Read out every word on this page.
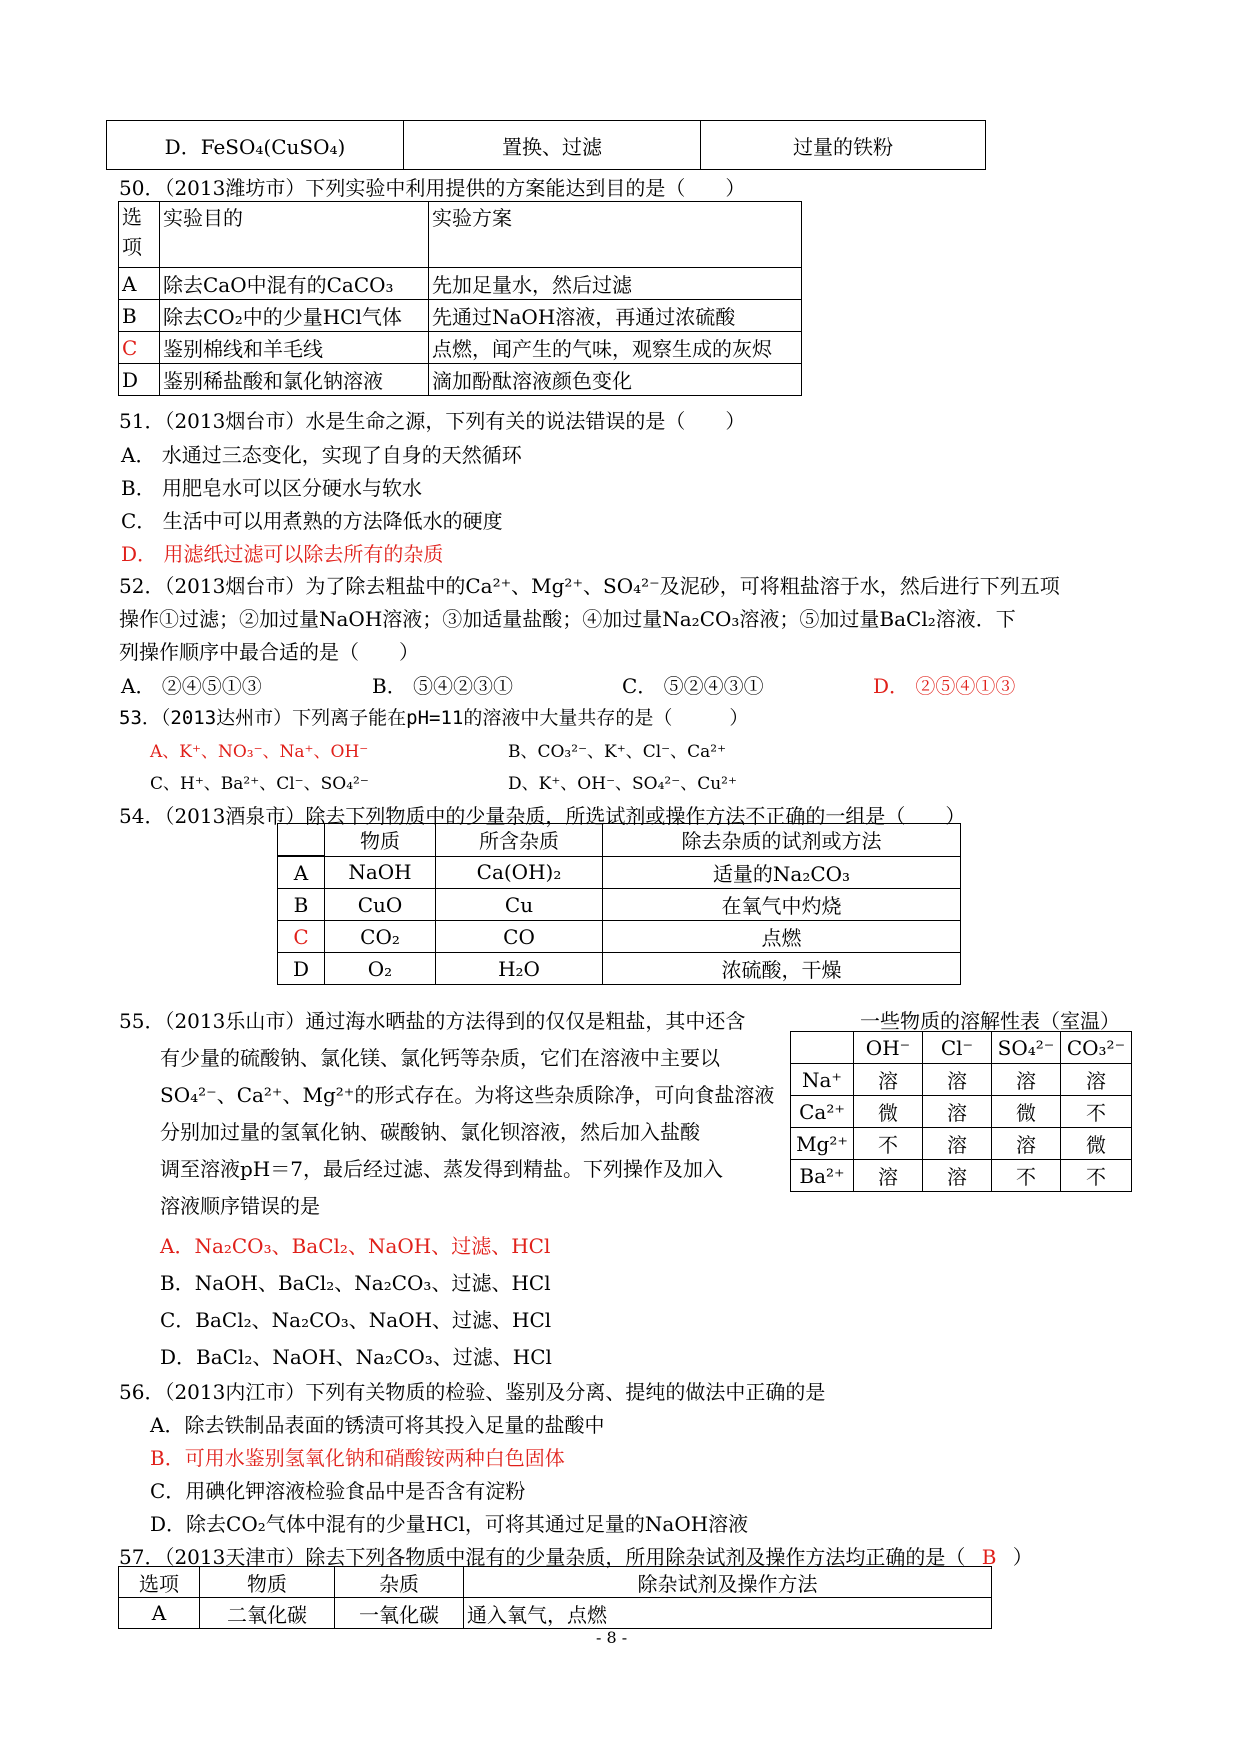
D．FeSO₄(CuSO₄)	置换、过滤	过量的铁粉
50．（2013潍坊市）下列实验中利用提供的方案能达到目的是（　　）
选项	实验目的	实验方案
A	除去CaO中混有的CaCO₃	先加足量水，然后过滤
B	除去CO₂中的少量HCl气体	先通过NaOH溶液，再通过浓硫酸
C	鉴别棉线和羊毛线	点燃，闻产生的气味，观察生成的灰烬
D	鉴别稀盐酸和氯化钠溶液	滴加酚酞溶液颜色变化
51．（2013烟台市）水是生命之源，下列有关的说法错误的是（　　）
A． 水通过三态变化，实现了自身的天然循环
B． 用肥皂水可以区分硬水与软水
C． 生活中可以用煮熟的方法降低水的硬度
D． 用滤纸过滤可以除去所有的杂质
52．（2013烟台市）为了除去粗盐中的Ca²⁺、Mg²⁺、SO₄²⁻及泥砂，可将粗盐溶于水，然后进行下列五项
操作①过滤；②加过量NaOH溶液；③加适量盐酸；④加过量Na₂CO₃溶液；⑤加过量BaCl₂溶液．下
列操作顺序中最合适的是（　　）
A． ②④⑤①③	B． ⑤④②③①	C． ⑤②④③①	D． ②⑤④①③
53．（2013达州市）下列离子能在pH=11的溶液中大量共存的是（　　　）
A、K⁺、NO₃⁻、Na⁺、OH⁻	B、CO₃²⁻、K⁺、Cl⁻、Ca²⁺
C、H⁺、Ba²⁺、Cl⁻、SO₄²⁻	D、K⁺、OH⁻、SO₄²⁻、Cu²⁺
54．（2013酒泉市）除去下列物质中的少量杂质，所选试剂或操作方法不正确的一组是（　　）
	物质	所含杂质	除去杂质的试剂或方法
A	NaOH	Ca(OH)₂	适量的Na₂CO₃
B	CuO	Cu	在氧气中灼烧
C	CO₂	CO	点燃
D	O₂	H₂O	浓硫酸，干燥
55．（2013乐山市）通过海水晒盐的方法得到的仅仅是粗盐，其中还含
有少量的硫酸钠、氯化镁、氯化钙等杂质，它们在溶液中主要以
SO₄²⁻、Ca²⁺、Mg²⁺的形式存在。为将这些杂质除净，可向食盐溶液
分别加过量的氢氧化钠、碳酸钠、氯化钡溶液，然后加入盐酸
调至溶液pH＝7，最后经过滤、蒸发得到精盐。下列操作及加入
溶液顺序错误的是
一些物质的溶解性表（室温）
	OH⁻	Cl⁻	SO₄²⁻	CO₃²⁻
Na⁺	溶	溶	溶	溶
Ca²⁺	微	溶	微	不
Mg²⁺	不	溶	溶	微
Ba²⁺	溶	溶	不	不
A．Na₂CO₃、BaCl₂、NaOH、过滤、HCl
B．NaOH、BaCl₂、Na₂CO₃、过滤、HCl
C．BaCl₂、Na₂CO₃、NaOH、过滤、HCl
D．BaCl₂、NaOH、Na₂CO₃、过滤、HCl
56．（2013内江市）下列有关物质的检验、鉴别及分离、提纯的做法中正确的是
A．除去铁制品表面的锈渍可将其投入足量的盐酸中
B．可用水鉴别氢氧化钠和硝酸铵两种白色固体
C．用碘化钾溶液检验食品中是否含有淀粉
D．除去CO₂气体中混有的少量HCl，可将其通过足量的NaOH溶液
57．（2013天津市）除去下列各物质中混有的少量杂质，所用除杂试剂及操作方法均正确的是（ B ）
选项	物质	杂质	除杂试剂及操作方法
A	二氧化碳	一氧化碳	通入氧气，点燃
- 8 -
